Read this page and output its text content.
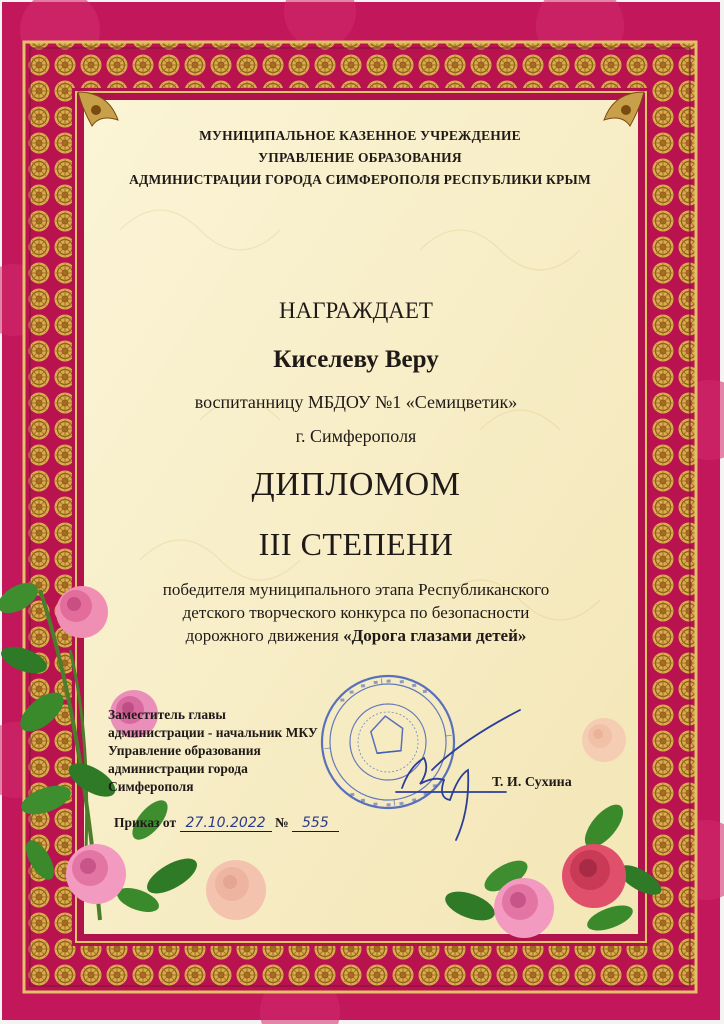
МУНИЦИПАЛЬНОЕ КАЗЕННОЕ УЧРЕЖДЕНИЕ
УПРАВЛЕНИЕ ОБРАЗОВАНИЯ
АДМИНИСТРАЦИИ ГОРОДА СИМФЕРОПОЛЯ РЕСПУБЛИКИ КРЫМ
НАГРАЖДАЕТ
Киселеву Веру
воспитанницу МБДОУ №1 «Семицветик»
г. Симферополя
ДИПЛОМОМ
III СТЕПЕНИ
победителя муниципального этапа Республиканского
детского творческого конкурса по безопасности
дорожного движения «Дорога глазами детей»
Заместитель главы
администрации - начальник МКУ
Управление образования
администрации города
Симферополя	Т. И. Сухина
Приказ от 27.10.2022 № 555
